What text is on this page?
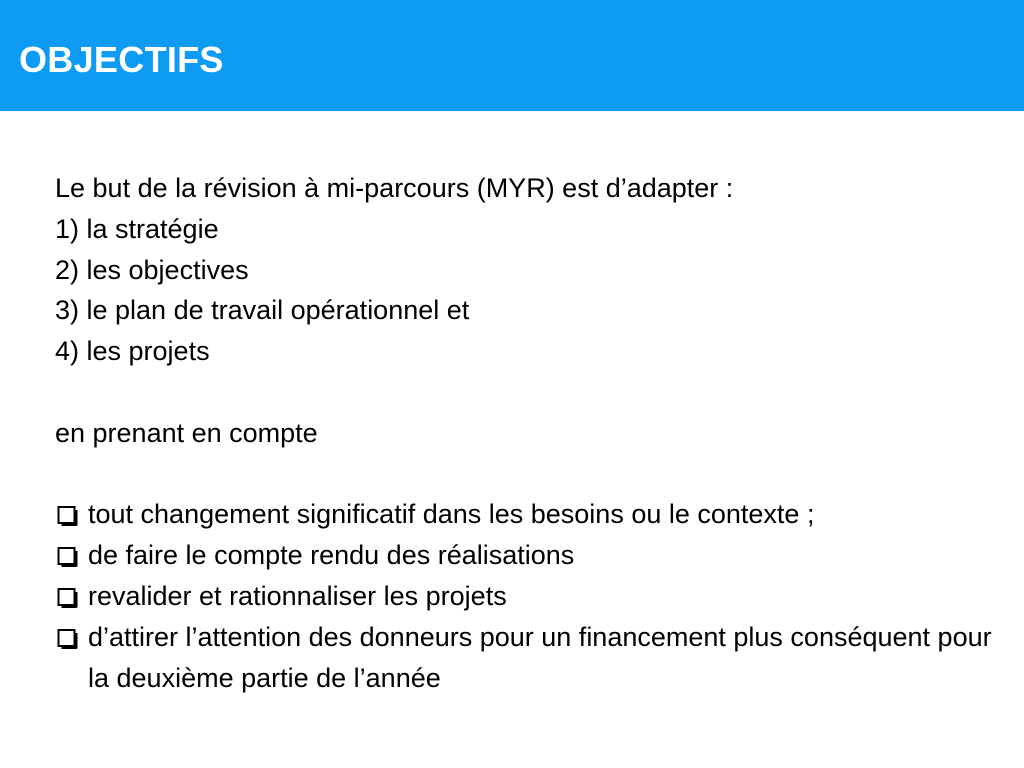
OBJECTIFS

Le but de la révision à mi-parcours (MYR) est d’adapter :

1) la stratégie

2) les objectives

3) le plan de travail opérationnel et

4) les projets

en prenant en compte

tout changement significatif dans les besoins ou le contexte ;
de faire le compte rendu des réalisations
revalider et rationnaliser les projets
d’attirer l’attention des donneurs pour un financement plus conséquent pour la deuxième partie de l’année
